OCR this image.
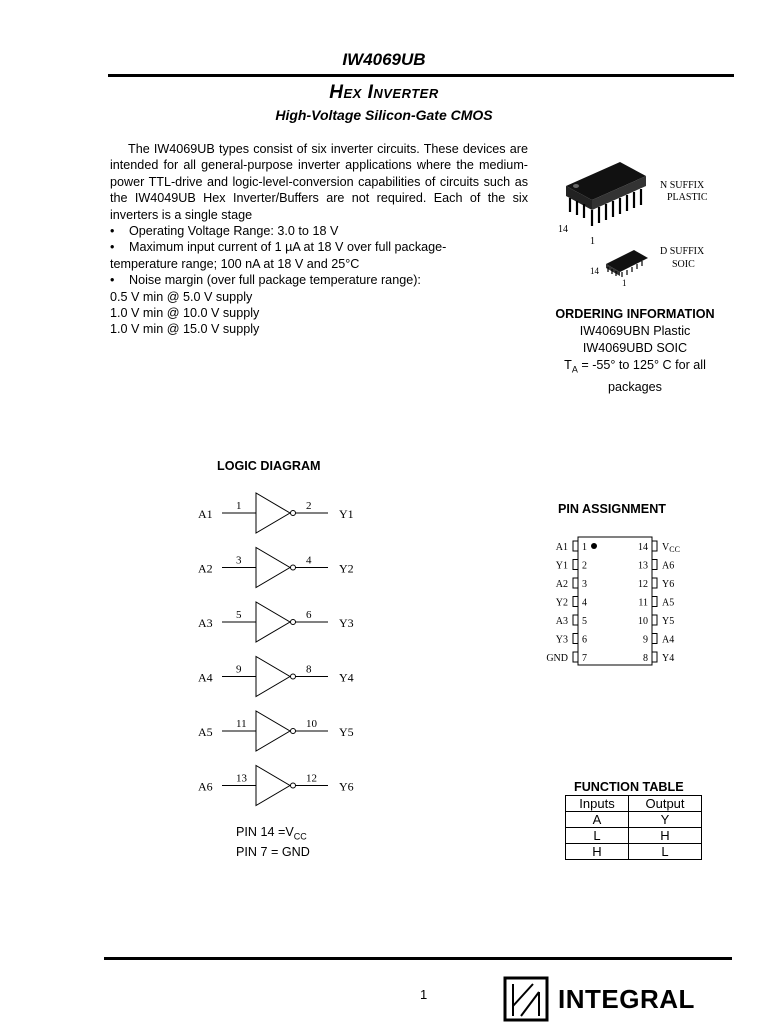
IW4069UB
Hex Inverter
High-Voltage Silicon-Gate CMOS

The IW4069UB types consist of six inverter circuits. These devices are intended for all general-purpose inverter applications where the medium-power TTL-drive and logic-level-conversion capabilities of circuits such as the IW4049UB Hex Inverter/Buffers are not required. Each of the six inverters is a single stage

• Operating Voltage Range: 3.0 to 18 V
• Maximum input current of 1 µA at 18 V over full package-
temperature range; 100 nA at 18 V and 25°C
• Noise margin (over full package temperature range):
0.5 V min @ 5.0 V supply
1.0 V min @ 10.0 V supply
1.0 V min @ 15.0 V supply
14
1
N SUFFIX
PLASTIC
14
1
D SUFFIX
SOIC
ORDERING INFORMATION
IW4069UBN Plastic
IW4069UBD SOIC
$T_A = -55^\circ$ to 125° C for all
packages
LOGIC DIAGRAM
A1
1	2
Y1
A2
3	4
Y2
A3
5	6
Y3
A4
9	8
Y4
A5
11	10
Y5
A6
13	12
Y6
PIN $14 =V_{CC}$
PIN 7 = GND
PIN ASSIGNMENT
A1 1
Y1 2
A2 3
Y2 4
A3 5
Y3 6
GND 7
14 $V_{CC}$
13 A6
12 Y6
11 A5
10 Y5
9 A4
8 Y4
FUNCTION TABLE
Inputs	Output
A	Y
L	H
H	L
1	INTEGRAL
